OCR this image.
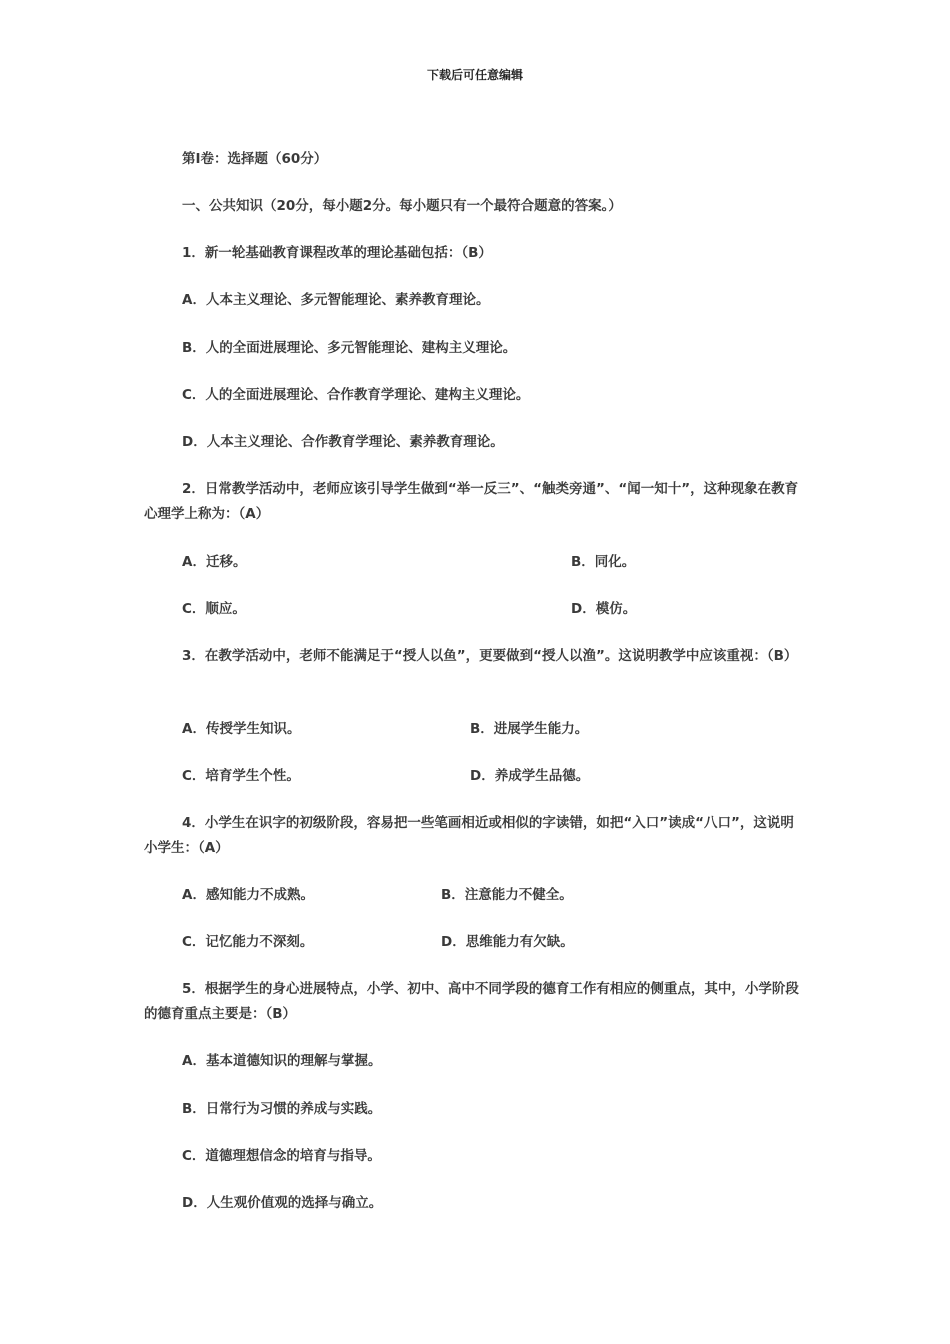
下载后可任意编辑
第Ⅰ卷：选择题（60分）
一、公共知识（20分，每小题2分。每小题只有一个最符合题意的答案。）
1．新一轮基础教育课程改革的理论基础包括：（B）
A．人本主义理论、多元智能理论、素养教育理论。
B．人的全面进展理论、多元智能理论、建构主义理论。
C．人的全面进展理论、合作教育学理论、建构主义理论。
D．人本主义理论、合作教育学理论、素养教育理论。
2．日常教学活动中，老师应该引导学生做到“举一反三”、“触类旁通”、“闻一知十”，这种现象在教育心理学上称为：（A）
A．迁移。	B．同化。
C．顺应。	D．模仿。
3．在教学活动中，老师不能满足于“授人以鱼”，更要做到“授人以渔”。这说明教学中应该重视：（B）
A．传授学生知识。	B．进展学生能力。
C．培育学生个性。	D．养成学生品德。
4．小学生在识字的初级阶段，容易把一些笔画相近或相似的字读错，如把“入口”读成“八口”，这说明小学生：（A）
A．感知能力不成熟。	B．注意能力不健全。
C．记忆能力不深刻。	D．思维能力有欠缺。
5．根据学生的身心进展特点，小学、初中、高中不同学段的德育工作有相应的侧重点，其中，小学阶段的德育重点主要是：（B）
A．基本道德知识的理解与掌握。
B．日常行为习惯的养成与实践。
C．道德理想信念的培育与指导。
D．人生观价值观的选择与确立。
